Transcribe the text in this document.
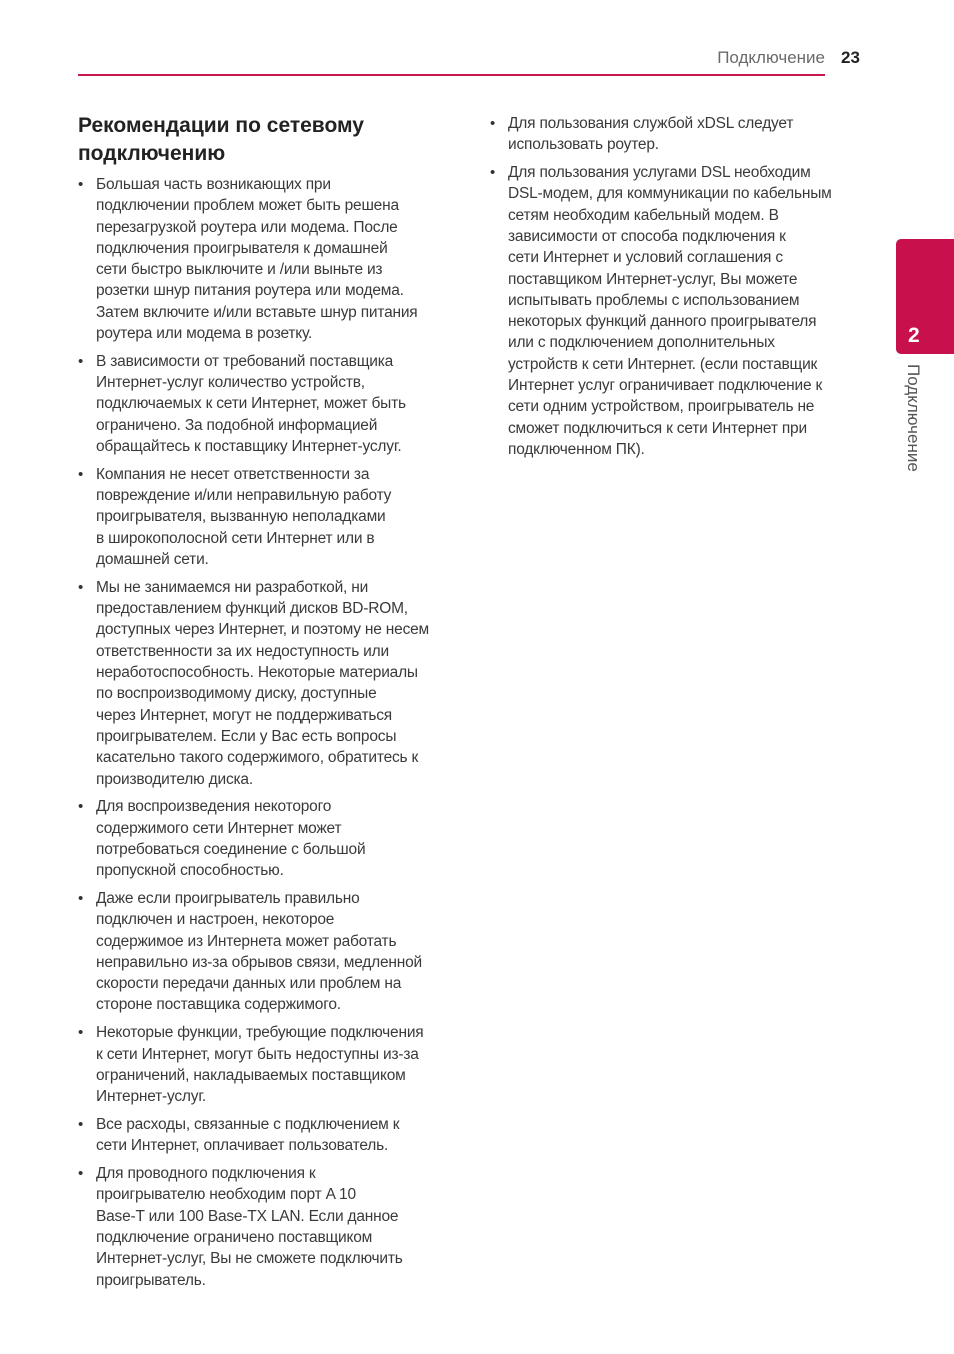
Подключение 23
Рекомендации по сетевому
подключению
• Большая часть возникающих при
подключении проблем может быть решена
перезагрузкой роутера или модема. После
подключения проигрывателя к домашней
сети быстро выключите и /или выньте из
розетки шнур питания роутера или модема.
Затем включите и/или вставьте шнур питания
роутера или модема в розетку.
• В зависимости от требований поставщика
Интернет-услуг количество устройств,
подключаемых к сети Интернет, может быть
ограничено. За подобной информацией
обращайтесь к поставщику Интернет-услуг.
• Компания не несет ответственности за
повреждение и/или неправильную работу
проигрывателя, вызванную неполадками
в широкополосной сети Интернет или в
домашней сети.
• Мы не занимаемся ни разработкой, ни
предоставлением функций дисков BD-ROM,
доступных через Интернет, и поэтому не несем
ответственности за их недоступность или
неработоспособность. Некоторые материалы
по воспроизводимому диску, доступные
через Интернет, могут не поддерживаться
проигрывателем. Если у Вас есть вопросы
касательно такого содержимого, обратитесь к
производителю диска.
• Для воспроизведения некоторого
содержимого сети Интернет может
потребоваться соединение с большой
пропускной способностью.
• Даже если проигрыватель правильно
подключен и настроен, некоторое
содержимое из Интернета может работать
неправильно из-за обрывов связи, медленной
скорости передачи данных или проблем на
стороне поставщика содержимого.
• Некоторые функции, требующие подключения
к сети Интернет, могут быть недоступны из-за
ограничений, накладываемых поставщиком
Интернет-услуг.
• Все расходы, связанные с подключением к
сети Интернет, оплачивает пользователь.
• Для проводного подключения к
проигрывателю необходим порт A 10
Base-T или 100 Base-TX LAN. Если данное
подключение ограничено поставщиком
Интернет-услуг, Вы не сможете подключить
проигрыватель.
• Для пользования службой xDSL следует
использовать роутер.
• Для пользования услугами DSL необходим
DSL-модем, для коммуникации по кабельным
сетям необходим кабельный модем. В
зависимости от способа подключения к
сети Интернет и условий соглашения с
поставщиком Интернет-услуг, Вы можете
испытывать проблемы с использованием
некоторых функций данного проигрывателя
или с подключением дополнительных
устройств к сети Интернет. (если поставщик
Интернет услуг ограничивает подключение к
сети одним устройством, проигрыватель не
сможет подключиться к сети Интернет при
подключенном ПК).
2
Подключение
